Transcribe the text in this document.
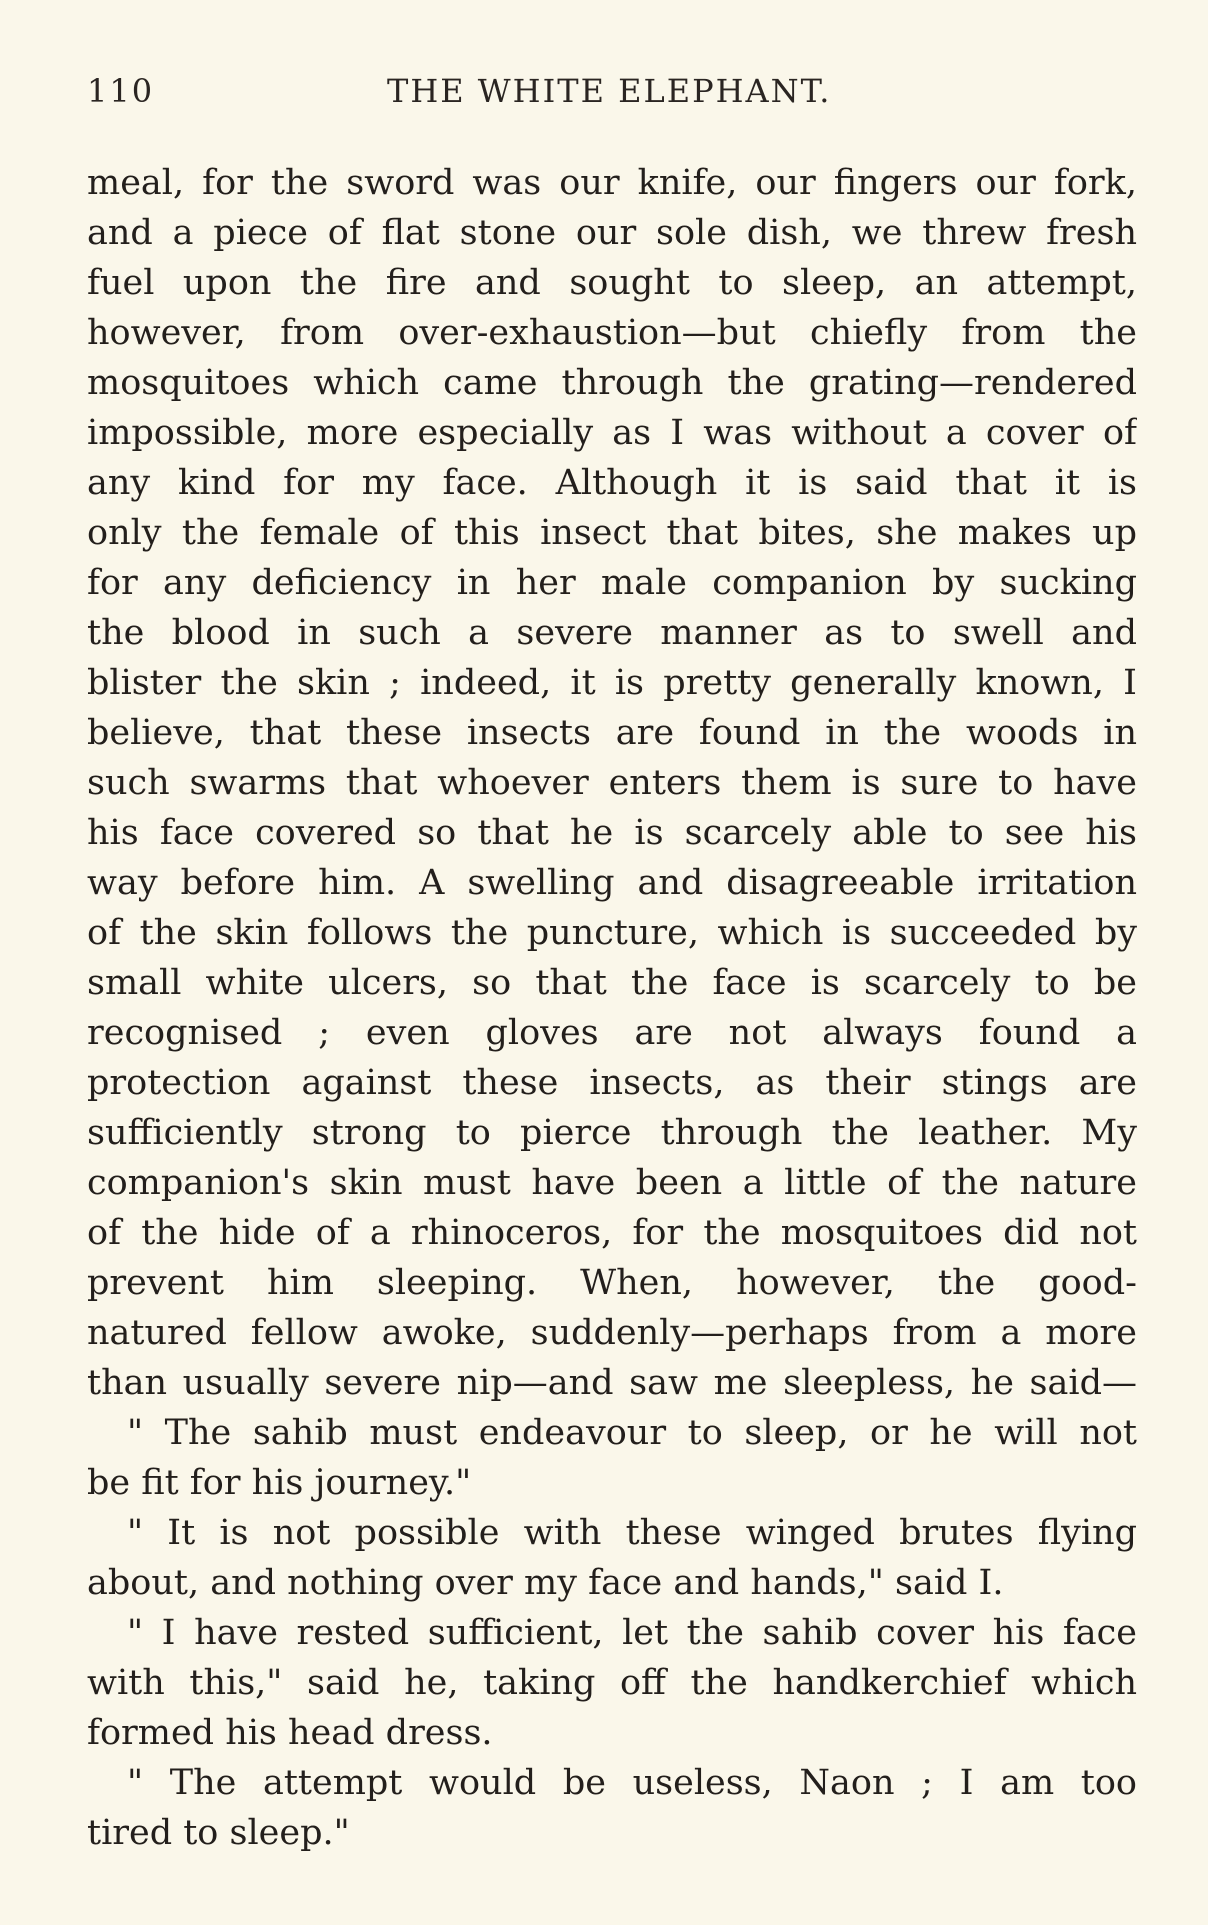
110	THE WHITE ELEPHANT.
meal, for the sword was our knife, our fingers our fork,
and a piece of flat stone our sole dish, we threw fresh
fuel upon the fire and sought to sleep, an attempt,
however, from over-exhaustion—but chiefly from the
mosquitoes which came through the grating—rendered
impossible, more especially as I was without a cover of
any kind for my face. Although it is said that it is
only the female of this insect that bites, she makes up
for any deficiency in her male companion by sucking
the blood in such a severe manner as to swell and
blister the skin ; indeed, it is pretty generally known, I
believe, that these insects are found in the woods in
such swarms that whoever enters them is sure to have
his face covered so that he is scarcely able to see his
way before him. A swelling and disagreeable irritation
of the skin follows the puncture, which is succeeded by
small white ulcers, so that the face is scarcely to be
recognised ; even gloves are not always found a
protection against these insects, as their stings are
sufficiently strong to pierce through the leather. My
companion's skin must have been a little of the nature
of the hide of a rhinoceros, for the mosquitoes did not
prevent him sleeping. When, however, the good-
natured fellow awoke, suddenly—perhaps from a more
than usually severe nip—and saw me sleepless, he said—
" The sahib must endeavour to sleep, or he will not
be fit for his journey."
" It is not possible with these winged brutes flying
about, and nothing over my face and hands," said I.
" I have rested sufficient, let the sahib cover his face
with this," said he, taking off the handkerchief which
formed his head dress.
" The attempt would be useless, Naon ; I am too
tired to sleep."
